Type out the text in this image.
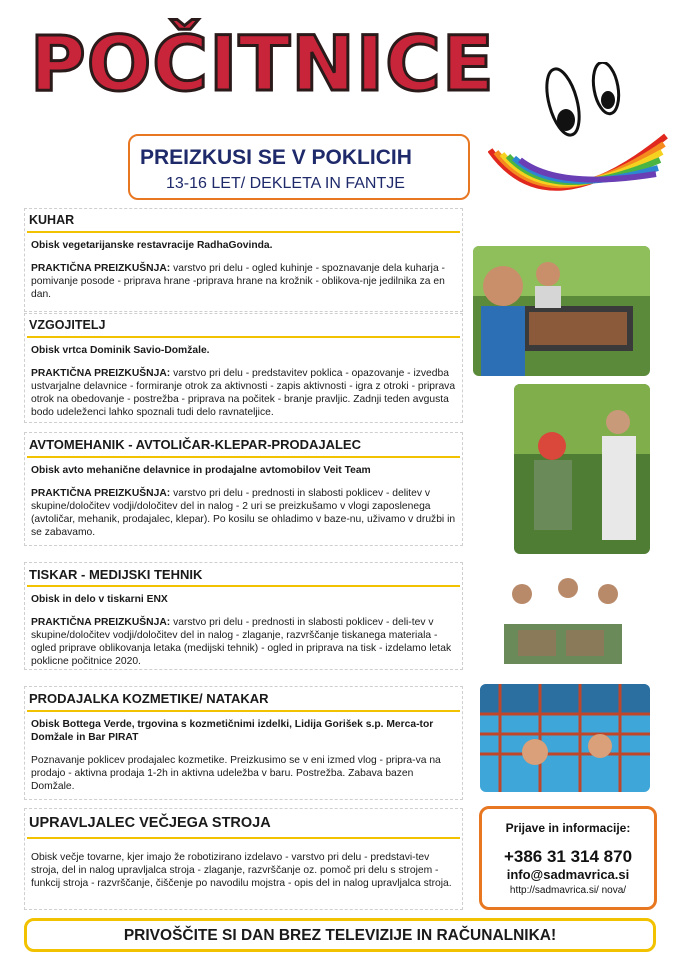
POČITNICE
PREIZKUSI SE V POKLICIH
13-16 LET/ DEKLETA IN FANTJE
KUHAR

Obisk vegetarijanske restavracije RadhaGovinda.

PRAKTIČNA PREIZKUŠNJA: varstvo pri delu - ogled kuhinje - spoznavanje dela kuharja - pomivanje posode - priprava hrane -priprava hrane na krožnik - oblikova-nje jedilnika za en dan.

VZGOJITELJ

Obisk vrtca Dominik Savio-Domžale.

PRAKTIČNA PREIZKUŠNJA: varstvo pri delu - predstavitev poklica - opazovanje - izvedba ustvarjalne delavnice - formiranje otrok za aktivnosti - zapis aktivnosti - igra z otroki - priprava otrok na obedovanje - postrežba - priprava na počitek - branje pravljic. Zadnji teden avgusta bodo udeleženci lahko spoznali tudi delo ravnateljice.

AVTOMEHANIK - AVTOLIČAR-KLEPAR-PRODAJALEC

Obisk avto mehanične delavnice in prodajalne avtomobilov Veit Team

PRAKTIČNA PREIZKUŠNJA: varstvo pri delu - prednosti in slabosti poklicev - delitev v skupine/določitev vodji/določitev del in nalog - 2 uri se preizkušamo v vlogi zaposlenega (avtoličar, mehanik, prodajalec, klepar). Po kosilu se ohladimo v baze-nu, uživamo v družbi in se zabavamo.

TISKAR - MEDIJSKI TEHNIK

Obisk in delo v tiskarni ENX

PRAKTIČNA PREIZKUŠNJA: varstvo pri delu - prednosti in slabosti poklicev - deli-tev v skupine/določitev vodji/določitev del in nalog - zlaganje, razvrščanje tiskanega materiala - ogled priprave oblikovanja letaka (medijski tehnik) - ogled in priprava na tisk - izdelamo letak poklicne počitnice 2020.

PRODAJALKA KOZMETIKE/ NATAKAR

Obisk Bottega Verde, trgovina s kozmetičnimi izdelki, Lidija Gorišek s.p. Merca-tor Domžale in Bar PIRAT

Poznavanje poklicev prodajalec kozmetike. Preizkusimo se v eni izmed vlog - pripra-va na prodajo - aktivna prodaja 1-2h in aktivna udeležba v baru. Postrežba. Zabava bazen Domžale.

UPRAVLJALEC VEČJEGA STROJA

Obisk večje tovarne, kjer imajo že robotizirano izdelavo - varstvo pri delu - predstavi-tev stroja, del in nalog upravljalca stroja - zlaganje, razvrščanje oz. pomoč pri delu s strojem - funkcij stroja - razvrščanje, čiščenje po navodilu mojstra - opis del in nalog upravljalca stroja.

Prijave in informacije:
+386 31 314 870
info@sadmavrica.si
http://sadmavrica.si/ nova/
PRIVOŠČITE SI DAN BREZ TELEVIZIJE IN RAČUNALNIKA!
